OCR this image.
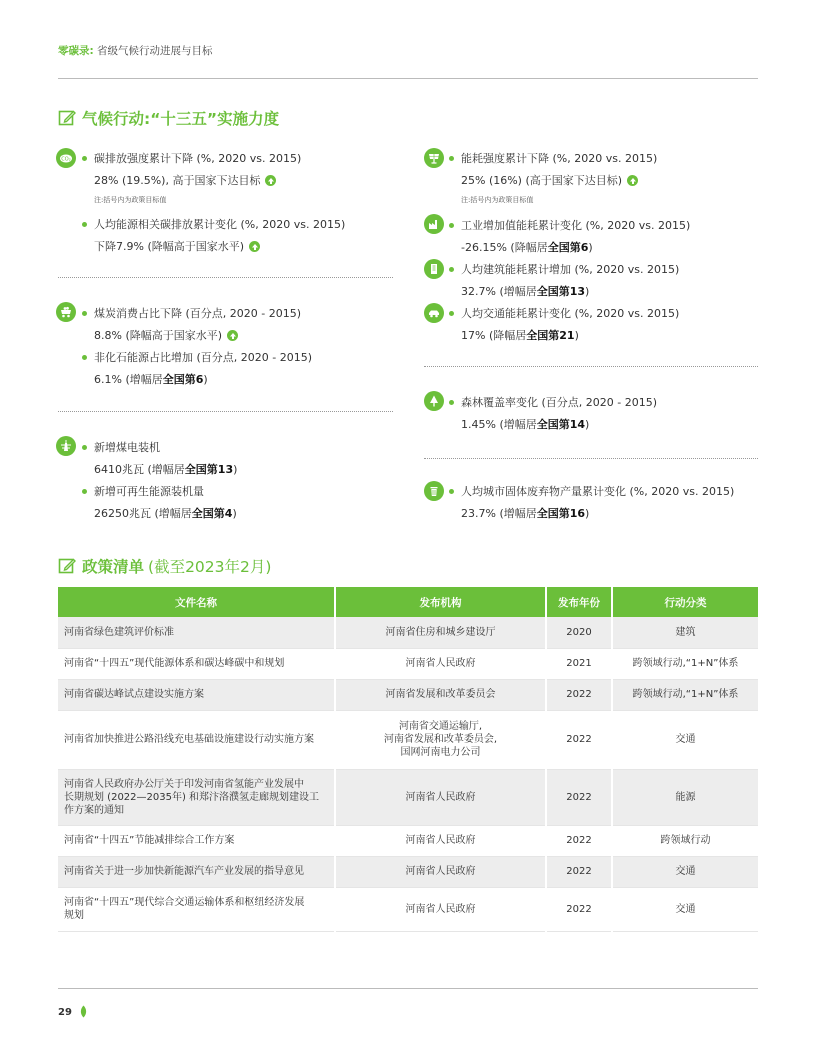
零碳录: 省级气候行动进展与目标
气候行动:“十三五”实施力度
CO₂ 碳排放强度累计下降 (%, 2020 vs. 2015)
28% (19.5%), 高于国家下达目标
注:括号内为政策目标值
人均能源相关碳排放累计变化 (%, 2020 vs. 2015)
下降7.9% (降幅高于国家水平)
煤炭消费占比下降 (百分点, 2020 - 2015)
8.8% (降幅高于国家水平)
非化石能源占比增加 (百分点, 2020 - 2015)
6.1% (增幅居 全国第6 )
新增煤电装机
6410兆瓦 (增幅居 全国第13 )
新增可再生能源装机量
26250兆瓦 (增幅居 全国第4 )
能耗强度累计下降 (%, 2020 vs. 2015)
25% (16%) (高于国家下达目标)
注:括号内为政策目标值
工业增加值能耗累计变化 (%, 2020 vs. 2015)
-26.15% (降幅居 全国第6 )
人均建筑能耗累计增加 (%, 2020 vs. 2015)
32.7% (增幅居 全国第13 )
人均交通能耗累计变化 (%, 2020 vs. 2015)
17% (降幅居 全国第21 )
森林覆盖率变化 (百分点, 2020 - 2015)
1.45% (增幅居 全国第14 )
人均城市固体废弃物产量累计变化 (%, 2020 vs. 2015)
23.7% (增幅居 全国第16 )
政策清单 (截至2023年2月)
文件名称	发布机构	发布年份	行动分类
河南省绿色建筑评价标准	河南省住房和城乡建设厅	2020	建筑
河南省“十四五”现代能源体系和碳达峰碳中和规划	河南省人民政府	2021	跨领域行动,“1+N”体系
河南省碳达峰试点建设实施方案	河南省发展和改革委员会	2022	跨领域行动,“1+N”体系
河南省加快推进公路沿线充电基础设施建设行动实施方案	河南省交通运输厅,
河南省发展和改革委员会,
国网河南电力公司	2022	交通

河南省人民政府办公厅关于印发河南省氢能产业发展中
长期规划 (2022—2035年) 和郑汴洛濮氢走廊规划建设工
作方案的通知	河南省人民政府	2022	能源
河南省“十四五”节能减排综合工作方案	河南省人民政府	2022	跨领域行动
河南省关于进一步加快新能源汽车产业发展的指导意见	河南省人民政府	2022	交通

河南省“十四五”现代综合交通运输体系和枢纽经济发展
规划	河南省人民政府	2022	交通
29
